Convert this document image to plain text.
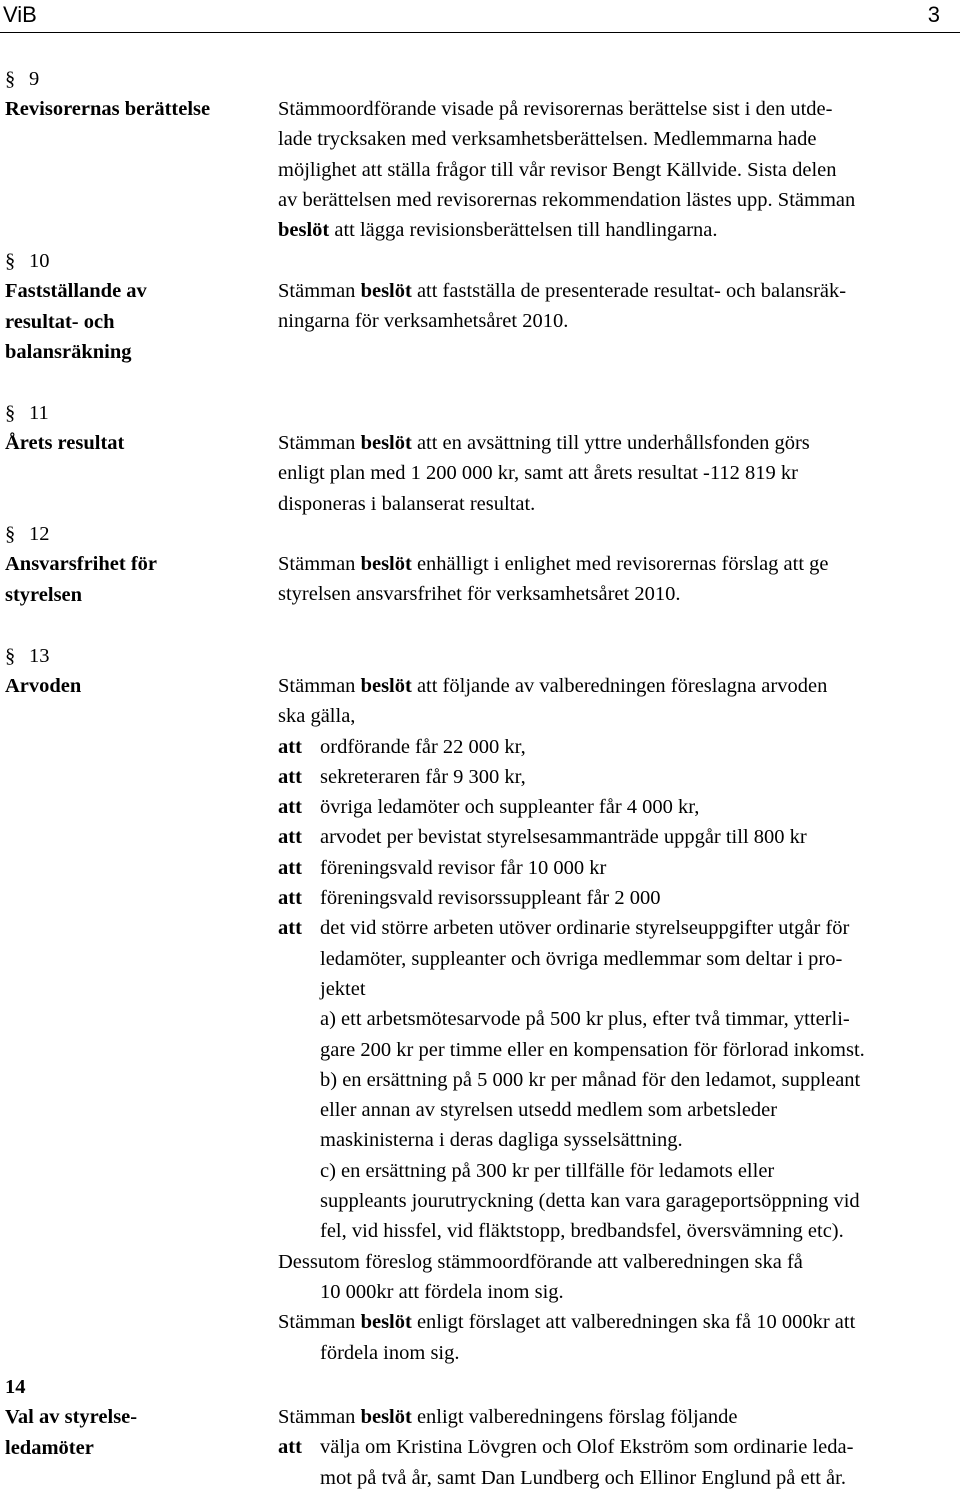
ViB	3
§ 9
Revisorernas berättelse	Stämmoordförande visade på revisorernas berättelse sist i den utde-
lade trycksaken med verksamhetsberättelsen. Medlemmarna hade
möjlighet att ställa frågor till vår revisor Bengt Källvide. Sista delen
av berättelsen med revisorernas rekommendation lästes upp. Stämman
beslöt att lägga revisionsberättelsen till handlingarna.
§ 10
Fastställande av
resultat- och
balansräkning
Stämman beslöt att fastställa de presenterade resultat- och balansräk-
ningarna för verksamhetsåret 2010.
§ 11
Årets resultat	Stämman beslöt att en avsättning till yttre underhållsfonden görs
enligt plan med 1 200 000 kr, samt att årets resultat -112 819 kr
disponeras i balanserat resultat.
§ 12
Ansvarsfrihet för
styrelsen
Stämman beslöt enhälligt i enlighet med revisorernas förslag att ge
styrelsen ansvarsfrihet för verksamhetsåret 2010.
§ 13
Arvoden	Stämman beslöt att följande av valberedningen föreslagna arvoden
ska gälla,
att ordförande får 22 000 kr,
att sekreteraren får 9 300 kr,
att övriga ledamöter och suppleanter får 4 000 kr,
att arvodet per bevistat styrelsesammanträde uppgår till 800 kr
att föreningsvald revisor får 10 000 kr
att föreningsvald revisorssuppleant får 2 000
att det vid större arbeten utöver ordinarie styrelseuppgifter utgår för
ledamöter, suppleanter och övriga medlemmar som deltar i pro-
jektet
a) ett arbetsmötesarvode på 500 kr plus, efter två timmar, ytterli-
gare 200 kr per timme eller en kompensation för förlorad inkomst.
b) en ersättning på 5 000 kr per månad för den ledamot, suppleant
eller annan av styrelsen utsedd medlem som arbetsleder
maskinisterna i deras dagliga sysselsättning.
c) en ersättning på 300 kr per tillfälle för ledamots eller
suppleants jourutryckning (detta kan vara garageportsöppning vid
fel, vid hissfel, vid fläktstopp, bredbandsfel, översvämning etc).
Dessutom föreslog stämmoordförande att valberedningen ska få
10 000kr att fördela inom sig.
Stämman beslöt enligt förslaget att valberedningen ska få 10 000kr att
fördela inom sig.
14
Val av styrelse-
ledamöter
Stämman beslöt enligt valberedningens förslag följande
att välja om Kristina Lövgren och Olof Ekström som ordinarie leda-
mot på två år, samt Dan Lundberg och Ellinor Englund på ett år.
